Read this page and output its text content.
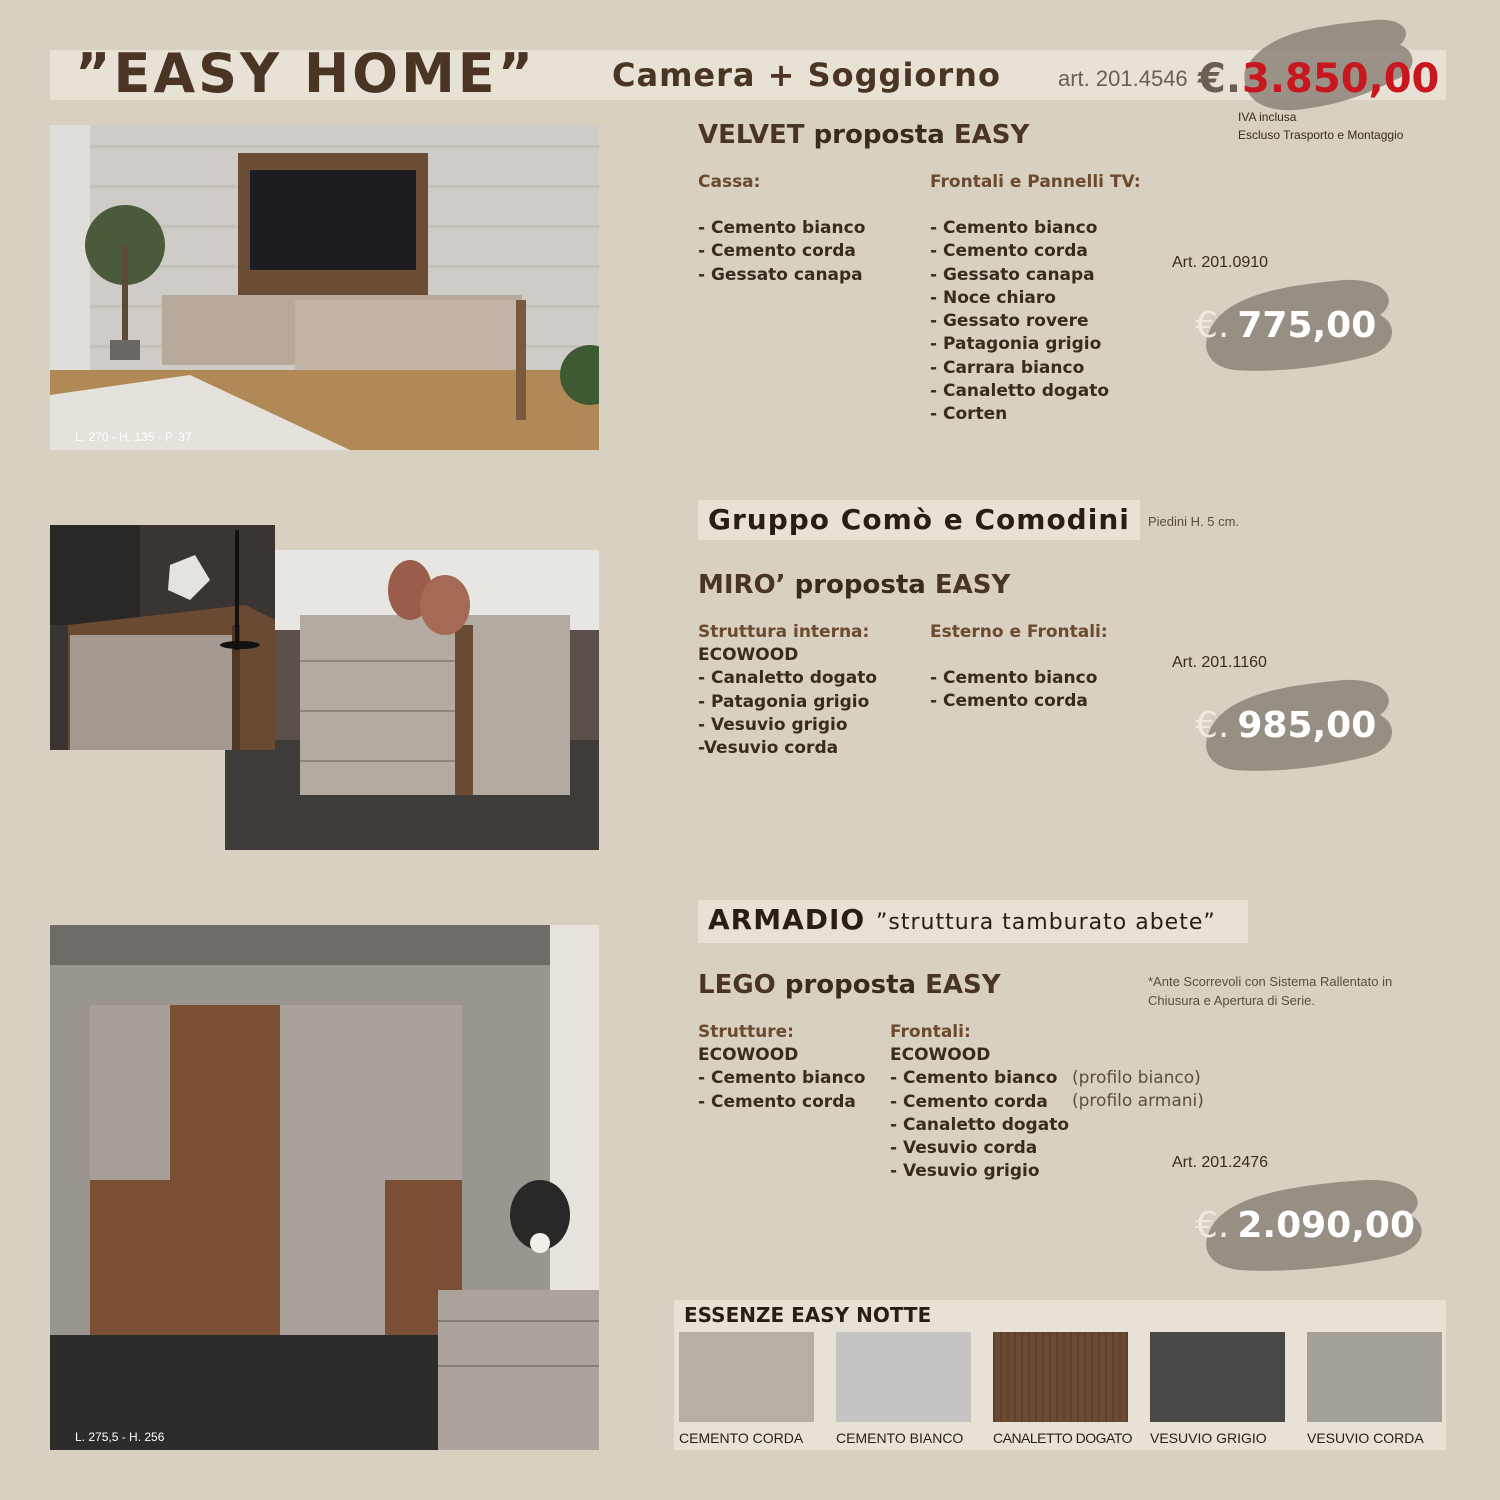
”EASY HOME” Camera + Soggiorno	art. 201.4546 €. 3.850,00
IVA inclusa
Escluso Trasporto e Montaggio
L. 270 - H. 135 - P. 37
VELVET proposta EASY
Cassa:
- Cemento bianco
- Cemento corda
- Gessato canapa
Frontali e Pannelli TV:
- Cemento bianco
- Cemento corda
- Gessato canapa
- Noce chiaro
- Gessato rovere
- Patagonia grigio
- Carrara bianco
- Canaletto dogato
- Corten
Art. 201.0910
€. 775,00
Gruppo Comò e Comodini	Piedini H. 5 cm.
MIRO’ proposta EASY
Struttura interna:
ECOWOOD
- Canaletto dogato
- Patagonia grigio
- Vesuvio grigio
-Vesuvio corda
Esterno e Frontali:
- Cemento bianco
- Cemento corda
Art. 201.1160
€. 985,00
L. 275,5 - H. 256
ARMADIO ”struttura tamburato abete”
LEGO proposta EASY	*Ante Scorrevoli con Sistema Rallentato in
Chiusura e Apertura di Serie.
Strutture:
ECOWOOD
- Cemento bianco
- Cemento corda
Frontali:
ECOWOOD
- Cemento bianco
- Cemento corda
- Canaletto dogato
- Vesuvio corda
- Vesuvio grigio
(profilo bianco)
(profilo armani)
Art. 201.2476
€. 2.090,00
ESSENZE EASY NOTTE
CEMENTO CORDA	CEMENTO BIANCO	CANALETTO DOGATO VESUVIO GRIGIO	VESUVIO CORDA
